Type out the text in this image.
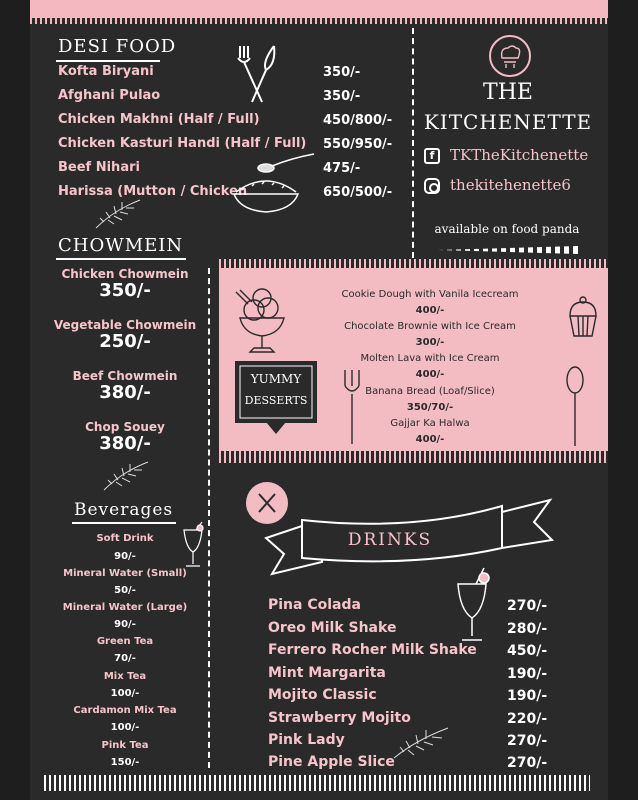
DESI FOOD
Kofta Biryani	350/-
Afghani Pulao	350/-
Chicken Makhni (Half / Full)	450/800/-
Chicken Kasturi Handi (Half / Full) 550/950/-
Beef Nihari	475/-
Harissa (Mutton / Chicken	650/500/-
CHOWMEIN
Chicken Chowmein
350/-
Vegetable Chowmein
250/-
Beef Chowmein
380/-
Chop Souey
380/-
Beverages
Soft Drink
90/-
Mineral Water (Small)
50/-
Mineral Water (Large)
90/-
Green Tea
70/-
Mix Tea
100/-
Cardamon Mix Tea
100/-
Pink Tea
150/-
THE
KITCHENETTE
f	TKTheKitchenette
thekitehenette6
available on food panda
YUMMY
DESSERTS
Cookie Dough with Vanila Icecream
400/-
Chocolate Brownie with Ice Cream
300/-
Molten Lava with Ice Cream
400/-
Banana Bread (Loaf/Slice)
350/70/-
Gajjar Ka Halwa
400/-
DRINKS
Pina Colada	270/-
Oreo Milk Shake	280/-
Ferrero Rocher Milk Shake 450/-
Mint Margarita	190/-
Mojito Classic	190/-
Strawberry Mojito	220/-
Pink Lady	270/-
Pine Apple Slice	270/-
